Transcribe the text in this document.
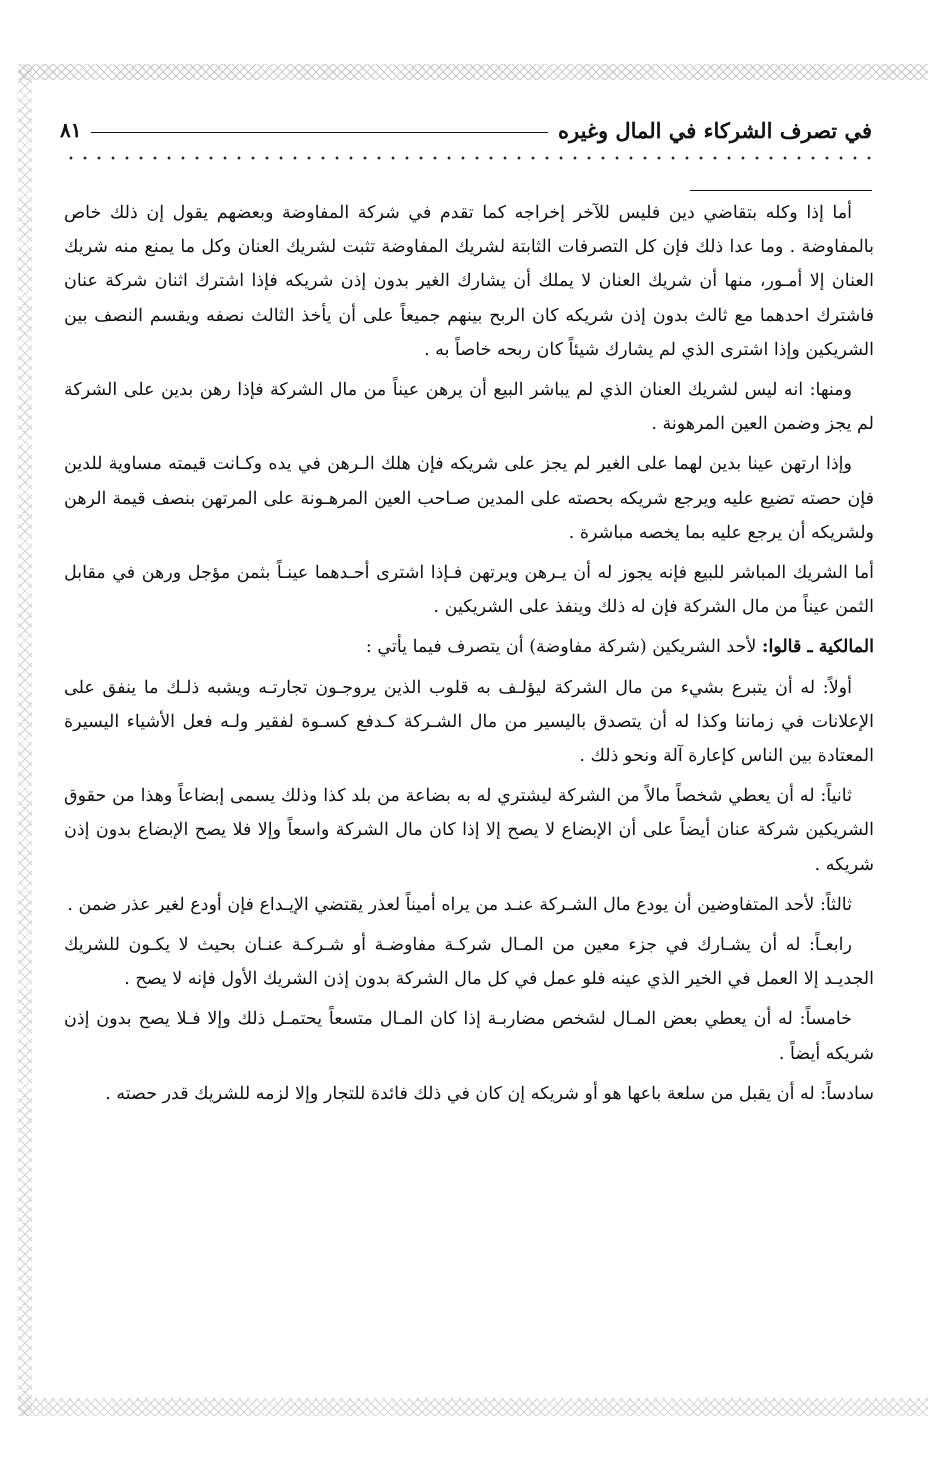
في تصرف الشركاء في المال وغيره
٨١

أما إذا وكله بتقاضي دين فليس للآخر إخراجه كما تقدم في شركة المفاوضة وبعضهم يقول إن ذلك خاص بالمفاوضة . وما عدا ذلك فإن كل التصرفات الثابتة لشريك المفاوضة تثبت لشريك العنان وكل ما يمنع منه شريك العنان إلا أمـور، منها أن شريك العنان لا يملك أن يشارك الغير بدون إذن شريكه فإذا اشترك اثنان شركة عنان فاشترك احدهما مع ثالث بدون إذن شريكه كان الربح بينهم جميعاً على أن يأخذ الثالث نصفه ويقسم النصف بين الشريكين وإذا اشترى الذي لم يشارك شيئاً كان ربحه خاصاً به .

ومنها: انه ليس لشريك العنان الذي لم يباشر البيع أن يرهن عيناً من مال الشركة فإذا رهن بدين على الشركة لم يجز وضمن العين المرهونة .

وإذا ارتهن عينا بدين لهما على الغير لم يجز على شريكه فإن هلك الـرهن في يده وكـانت قيمته مساوية للدين فإن حصته تضيع عليه ويرجع شريكه بحصته على المدين صـاحب العين المرهـونة على المرتهن بنصف قيمة الرهن ولشريكه أن يرجع عليه بما يخصه مباشرة .

أما الشريك المباشر للبيع فإنه يجوز له أن يـرهن ويرتهن فـإذا اشترى أحـدهما عينـاً بثمن مؤجل ورهن في مقابل الثمن عيناً من مال الشركة فإن له ذلك وينفذ على الشريكين .

المالكية ـ قالوا: لأحد الشريكين (شركة مفاوضة) أن يتصرف فيما يأتي :

أولاً: له أن يتبرع بشيء من مال الشركة ليؤلـف به قلوب الذين يروجـون تجارتـه ويشبه ذلـك ما ينفق على الإعلانات في زماننا وكذا له أن يتصدق باليسير من مال الشـركة كـدفع كسـوة لفقير ولـه فعل الأشياء اليسيرة المعتادة بين الناس كإعارة آلة ونحو ذلك .

ثانياً: له أن يعطي شخصاً مالاً من الشركة ليشتري له به بضاعة من بلد كذا وذلك يسمى إبضاعاً وهذا من حقوق الشريكين شركة عنان أيضاً على أن الإبضاع لا يصح إلا إذا كان مال الشركة واسعاً وإلا فلا يصح الإبضاع بدون إذن شريكه .

ثالثاً: لأحد المتفاوضين أن يودع مال الشـركة عنـد من يراه أميناً لعذر يقتضي الإيـداع فإن أودع لغير عذر ضمن .

رابعـاً: له أن يشـارك في جزء معين من المـال شركـة مفاوضـة أو شـركـة عنـان بحيث لا يكـون للشريك الجديـد إلا العمل في الخير الذي عينه فلو عمل في كل مال الشركة بدون إذن الشريك الأول فإنه لا يصح .

خامساً: له أن يعطي بعض المـال لشخص مضاربـة إذا كان المـال متسعاً يحتمـل ذلك وإلا فـلا يصح بدون إذن شريكه أيضاً .

سادساً: له أن يقبل من سلعة باعها هو أو شريكه إن كان في ذلك فائدة للتجار وإلا لزمه للشريك قدر حصته .
